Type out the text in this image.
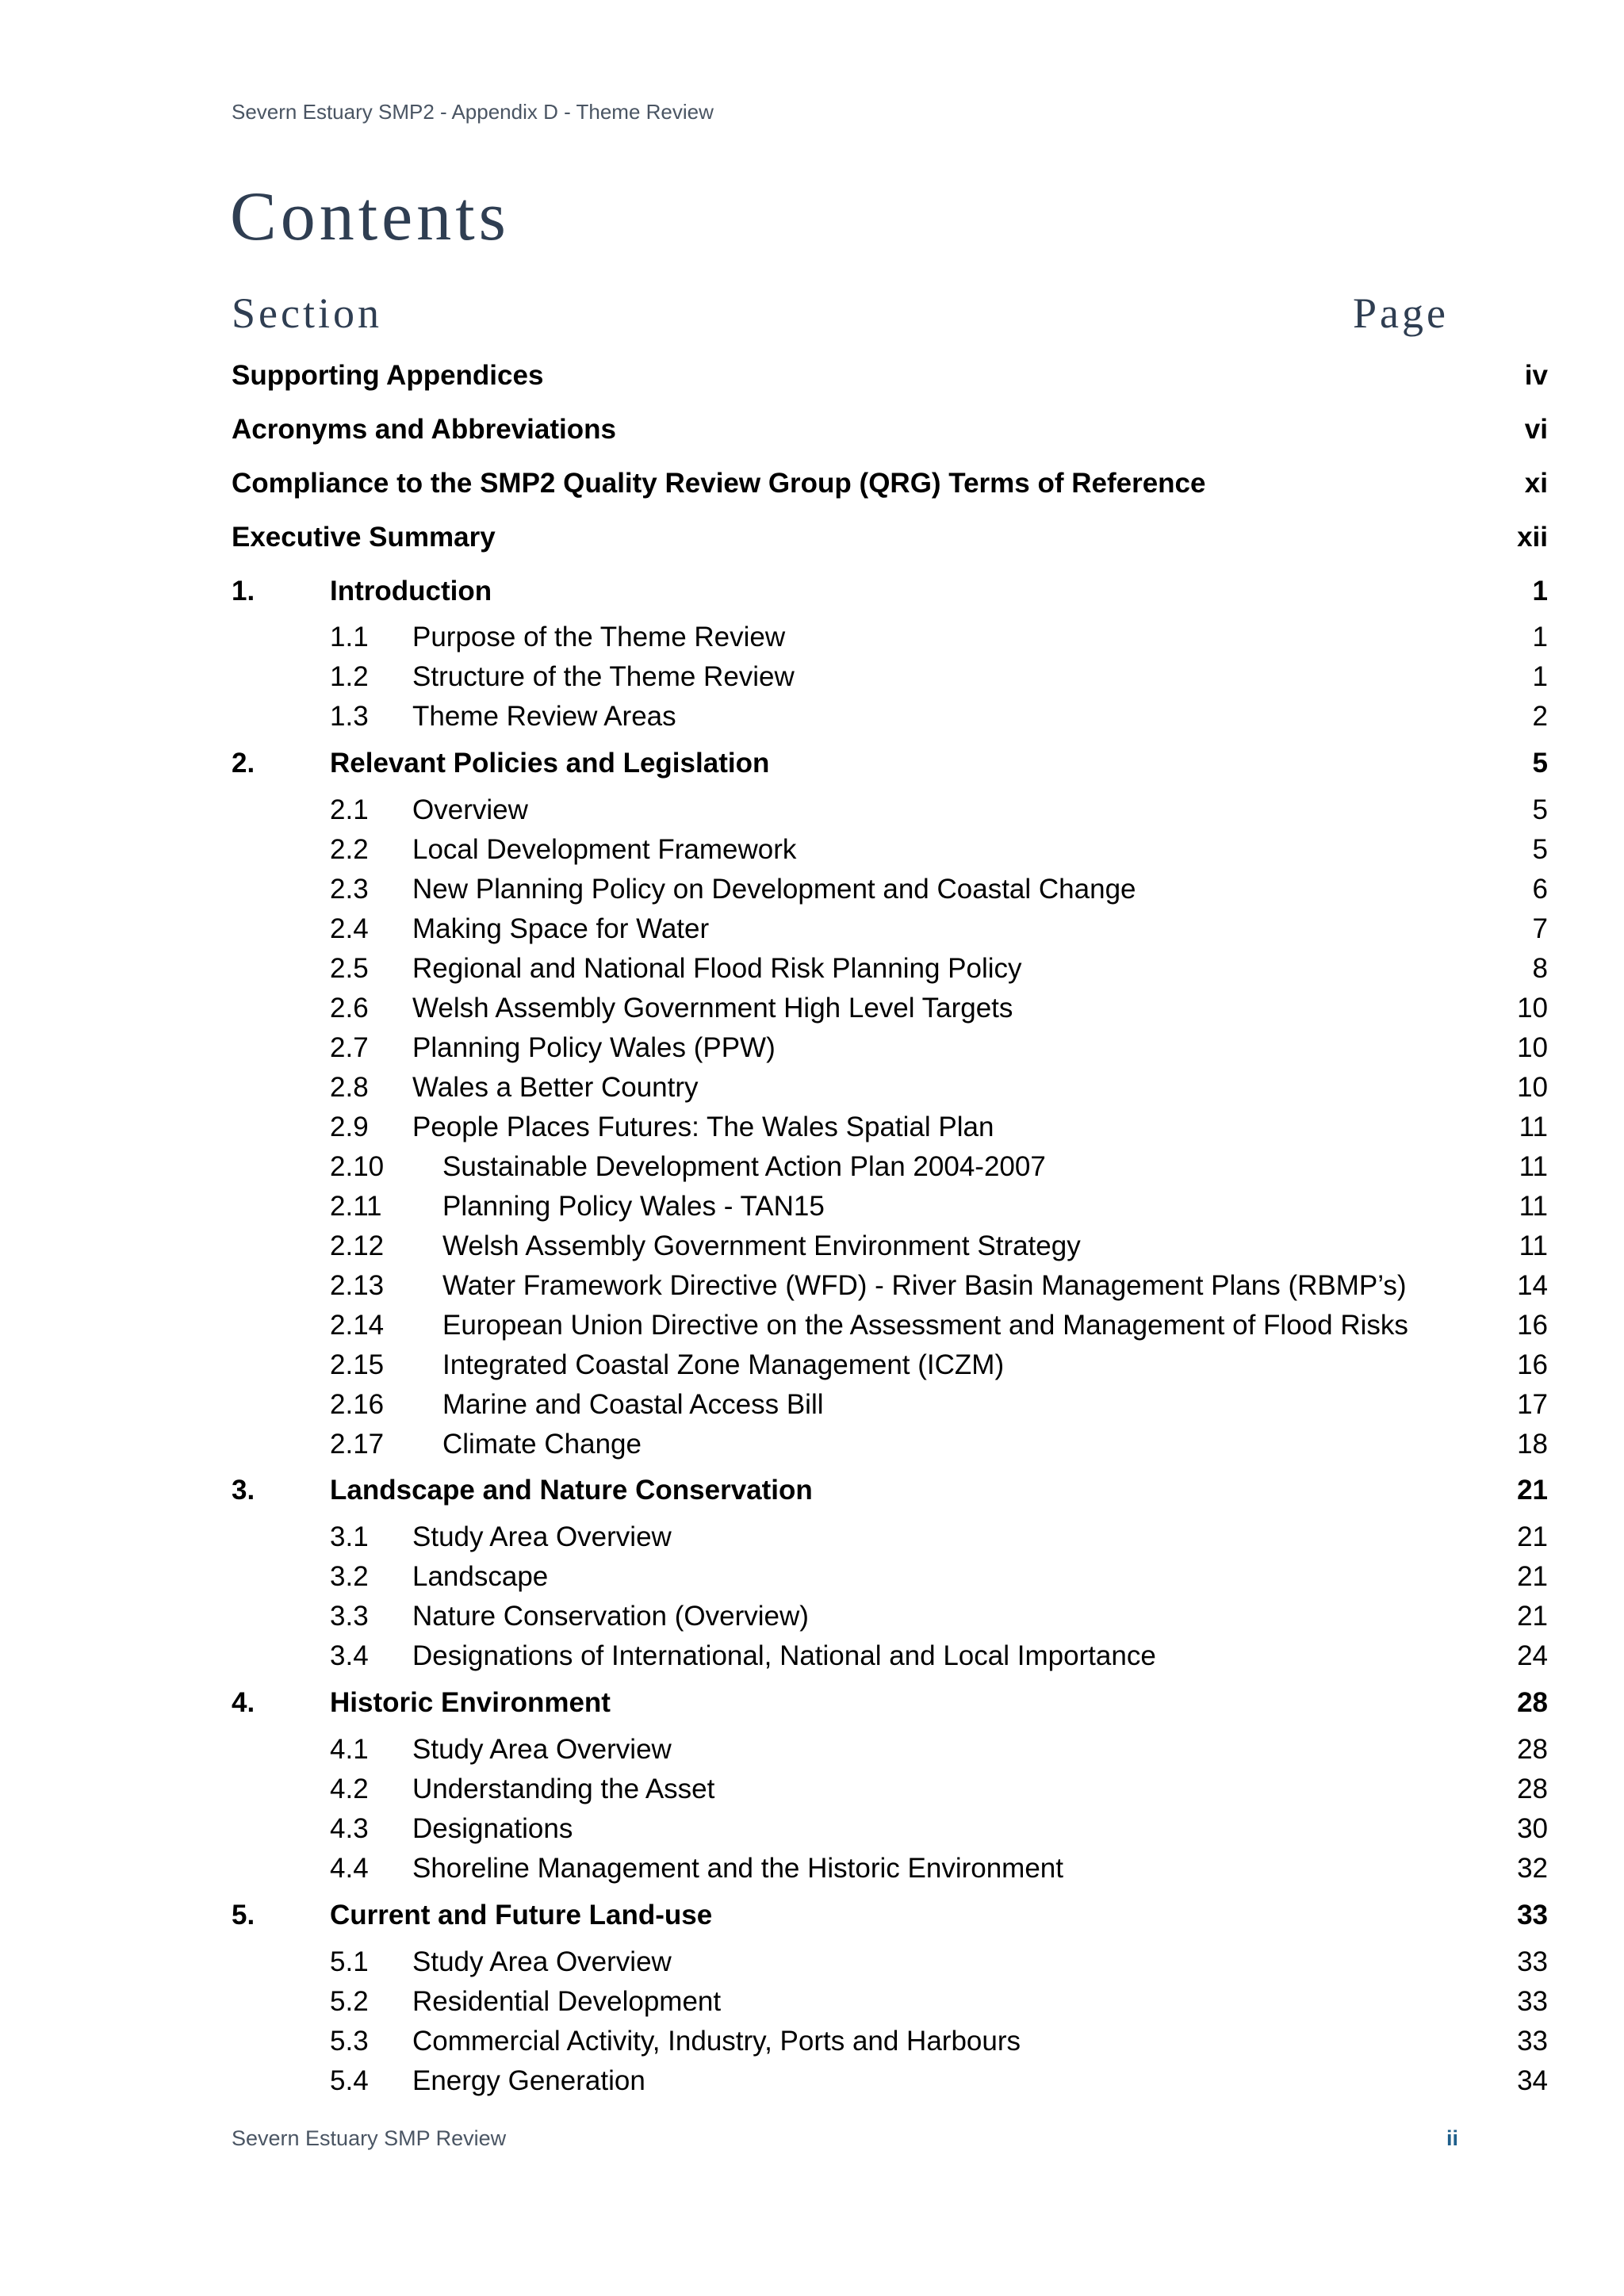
Severn Estuary SMP2 - Appendix D - Theme Review
Contents
Section	Page
Supporting Appendices	iv
Acronyms and Abbreviations	vi
Compliance to the SMP2 Quality Review Group (QRG) Terms of Reference	xi
Executive Summary	xii
1.	Introduction	1
1.1 Purpose of the Theme Review	1
1.2 Structure of the Theme Review	1
1.3 Theme Review Areas	2
2.	Relevant Policies and Legislation	5
2.1 Overview	5
2.2 Local Development Framework	5
2.3 New Planning Policy on Development and Coastal Change	6
2.4 Making Space for Water	7
2.5 Regional and National Flood Risk Planning Policy	8
2.6 Welsh Assembly Government High Level Targets	10
2.7 Planning Policy Wales (PPW)	10
2.8 Wales a Better Country	10
2.9 People Places Futures: The Wales Spatial Plan	11
2.10 Sustainable Development Action Plan 2004-2007	11
2.11 Planning Policy Wales - TAN15	11
2.12 Welsh Assembly Government Environment Strategy	11
2.13 Water Framework Directive (WFD) - River Basin Management Plans (RBMP’s)	14
2.14 European Union Directive on the Assessment and Management of Flood Risks	16
2.15 Integrated Coastal Zone Management (ICZM)	16
2.16 Marine and Coastal Access Bill	17
2.17 Climate Change	18
3.	Landscape and Nature Conservation	21
3.1 Study Area Overview	21
3.2 Landscape	21
3.3 Nature Conservation (Overview)	21
3.4 Designations of International, National and Local Importance	24
4.	Historic Environment	28
4.1 Study Area Overview	28
4.2 Understanding the Asset	28
4.3 Designations	30
4.4 Shoreline Management and the Historic Environment	32
5.	Current and Future Land-use	33
5.1 Study Area Overview	33
5.2 Residential Development	33
5.3 Commercial Activity, Industry, Ports and Harbours	33
5.4 Energy Generation	34
Severn Estuary SMP Review	ii
